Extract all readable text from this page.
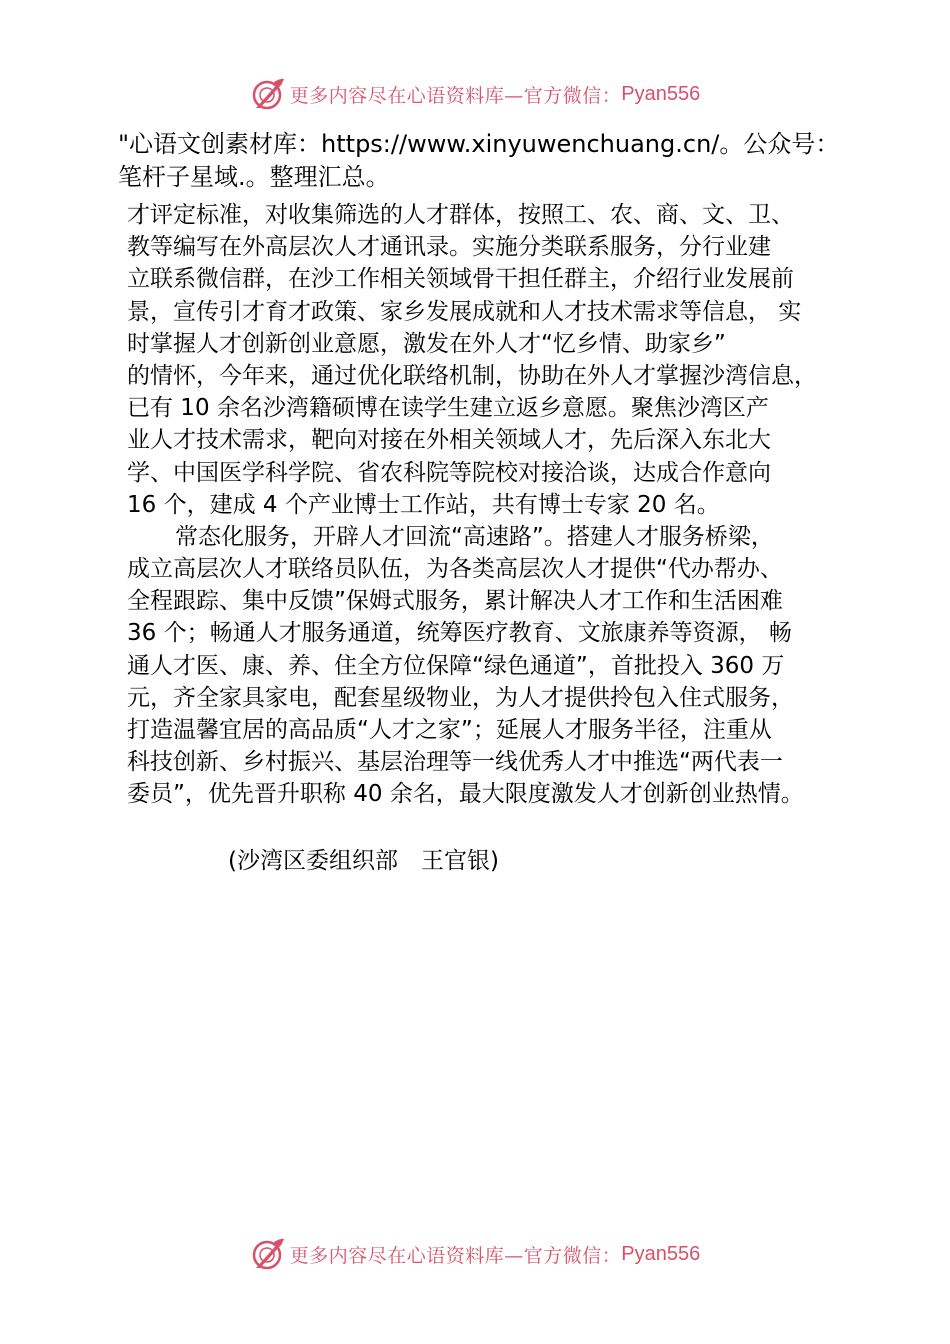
更多内容尽在心语资料库—官方微信： Pyan556
"心语文创素材库：https://www.xinyuwenchuang.cn/。公众号：
笔杆子星域.。整理汇总。
才评定标准，对收集筛选的人才群体，按照工、农、商、文、卫、
教等编写在外高层次人才通讯录。实施分类联系服务，分行业建
立联系微信群，在沙工作相关领域骨干担任群主，介绍行业发展前
景，宣传引才育才政策、家乡发展成就和人才技术需求等信息， 实
时掌握人才创新创业意愿，激发在外人才“忆乡情、助家乡”
的情怀，今年来，通过优化联络机制，协助在外人才掌握沙湾信息，
已有 10 余名沙湾籍硕博在读学生建立返乡意愿。聚焦沙湾区产
业人才技术需求，靶向对接在外相关领域人才，先后深入东北大
学、中国医学科学院、省农科院等院校对接洽谈，达成合作意向
16 个，建成 4 个产业博士工作站，共有博士专家 20 名。
常态化服务，开辟人才回流“高速路”。搭建人才服务桥梁，
成立高层次人才联络员队伍，为各类高层次人才提供“代办帮办、
全程跟踪、集中反馈”保姆式服务，累计解决人才工作和生活困难
36 个；畅通人才服务通道，统筹医疗教育、文旅康养等资源， 畅
通人才医、康、养、住全方位保障“绿色通道”，首批投入 360 万
元，齐全家具家电，配套星级物业，为人才提供拎包入住式服务，
打造温馨宜居的高品质“人才之家”；延展人才服务半径，注重从
科技创新、乡村振兴、基层治理等一线优秀人才中推选“两代表一
委员”，优先晋升职称 40 余名，最大限度激发人才创新创业热情。
(沙湾区委组织部　王官银)
更多内容尽在心语资料库—官方微信： Pyan556
